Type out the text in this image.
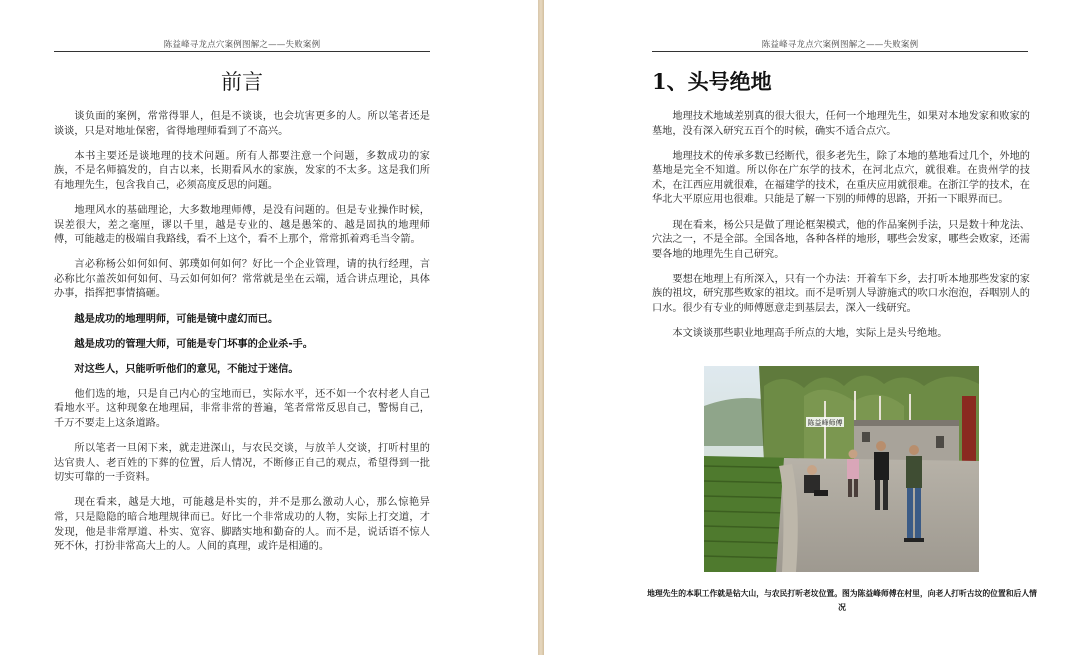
陈益峰寻龙点穴案例图解之——失败案例
前言

谈负面的案例，常常得罪人，但是不谈谈，也会坑害更多的人。所以笔者还是谈谈，只是对地址保密，省得地理师看到了不高兴。

本书主要还是谈地理的技术问题。所有人都要注意一个问题，多数成功的家族，不是名师搞发的，自古以来，长期看风水的家族，发家的不太多。这是我们所有地理先生，包含我自己，必须高度反思的问题。

地理风水的基础理论，大多数地理师傅，是没有问题的。但是专业操作时候，误差很大，差之毫厘，谬以千里，越是专业的、越是愚笨的、越是固执的地理师傅，可能越走的极端自我路线，看不上这个，看不上那个，常常抓着鸡毛当令箭。

言必称杨公如何如何、郭璞如何如何？好比一个企业管理，请的执行经理，言必称比尔盖茨如何如何、马云如何如何？常常就是坐在云端，适合讲点理论，具体办事，指挥把事情搞砸。

越是成功的地理明师，可能是镜中虚幻而已。

越是成功的管理大师，可能是专门坏事的企业杀-手。

对这些人，只能听听他们的意见，不能过于迷信。

他们选的地，只是自己内心的宝地而已，实际水平，还不如一个农村老人自己看地水平。这种现象在地理届，非常非常的普遍，笔者常常反思自己，警惕自己，千万不要走上这条道路。

所以笔者一旦闲下来，就走进深山，与农民交谈，与放羊人交谈，打听村里的达官贵人、老百姓的下葬的位置，后人情况，不断修正自己的观点，希望得到一批切实可靠的一手资料。

现在看来，越是大地，可能越是朴实的，并不是那么激动人心，那么惊艳异常，只是隐隐的暗合地理规律而已。好比一个非常成功的人物，实际上打交道，才发现，他是非常厚道、朴实、宽容、脚踏实地和勤奋的人。而不是，说话语不惊人死不休，打扮非常高大上的人。人间的真理，或许是相通的。

陈益峰寻龙点穴案例图解之——失败案例
1、头号绝地

地理技术地域差别真的很大很大，任何一个地理先生，如果对本地发家和败家的墓地，没有深入研究五百个的时候，确实不适合点穴。

地理技术的传承多数已经断代，很多老先生，除了本地的墓地看过几个，外地的墓地是完全不知道。所以你在广东学的技术，在河北点穴，就很难。在贵州学的技术，在江西应用就很难，在福建学的技术，在重庆应用就很难。在浙江学的技术，在华北大平原应用也很难。只能是了解一下别的师傅的思路，开拓一下眼界而已。

现在看来，杨公只是做了理论框架模式，他的作品案例手法，只是数十种龙法、穴法之一，不是全部。全国各地，各种各样的地形，哪些会发家，哪些会败家，还需要各地的地理先生自己研究。

要想在地理上有所深入，只有一个办法：开着车下乡，去打听本地那些发家的家族的祖坟，研究那些败家的祖坟。而不是听别人导游施式的吹口水泡泡，吞咽别人的口水。很少有专业的师傅愿意走到基层去，深入一线研究。

本文谈谈那些职业地理高手所点的大地，实际上是头号绝地。

陈益峰师傅
地理先生的本职工作就是钻大山，与农民打听老坟位置。图为陈益峰师傅在村里，向老人打听古坟的位置和后人情况
